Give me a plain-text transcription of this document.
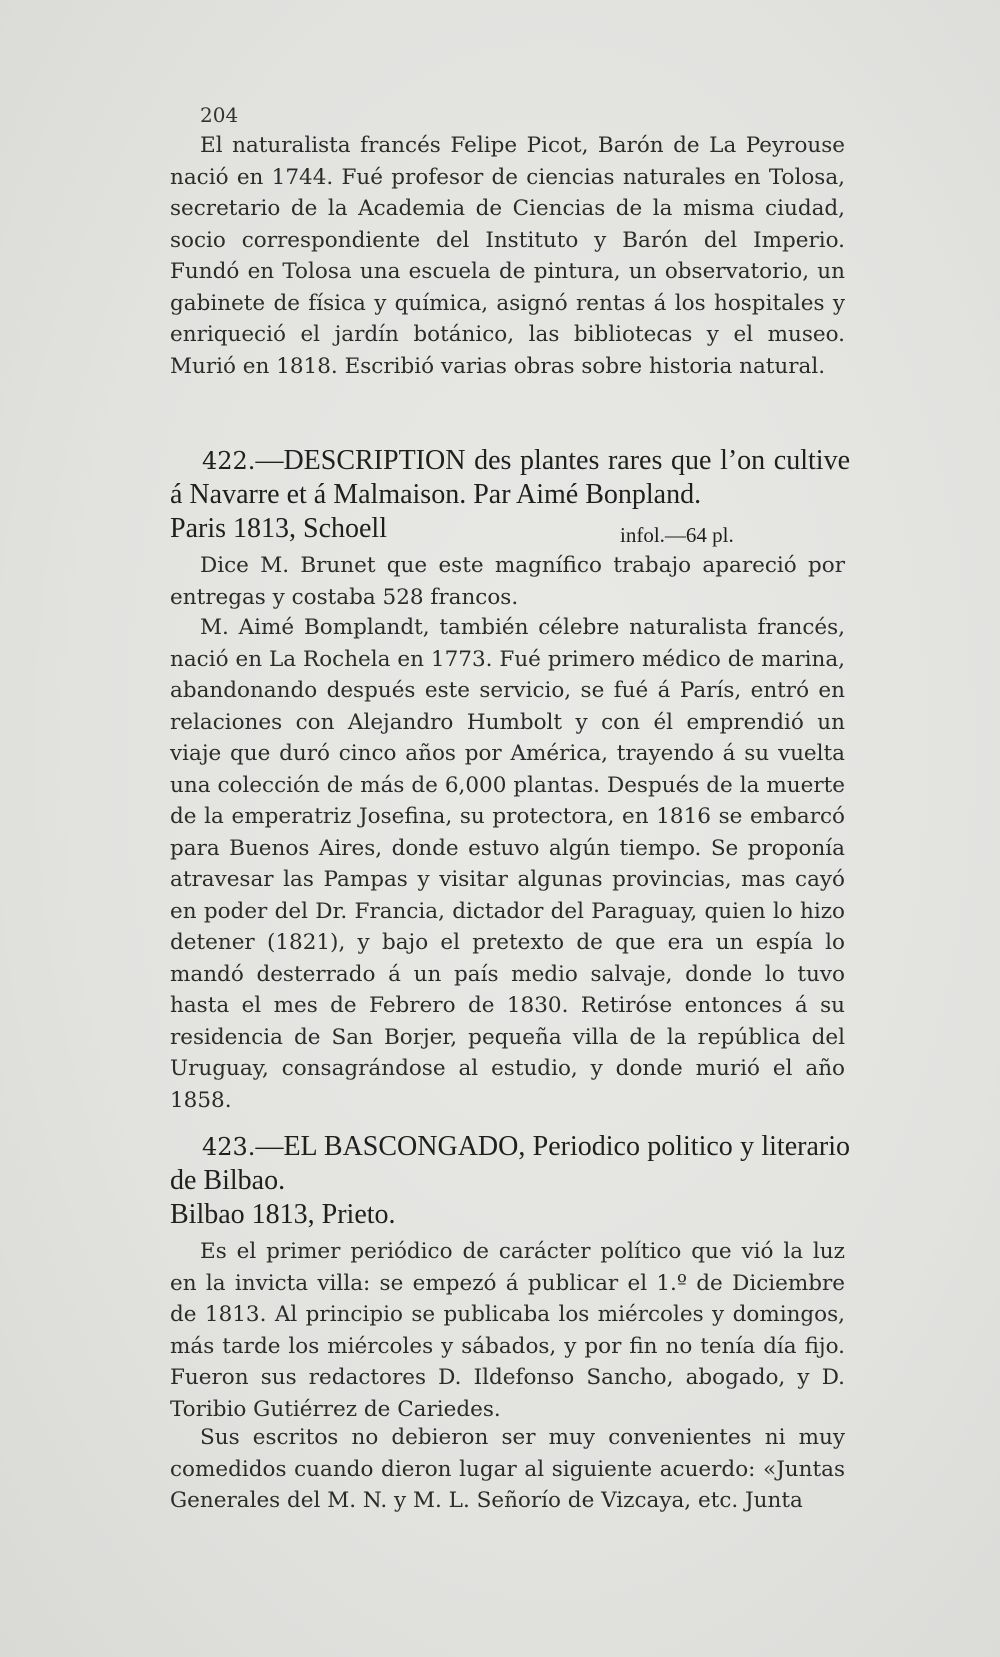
204

El naturalista francés Felipe Picot, Barón de La Peyrouse nació en 1744. Fué profesor de ciencias naturales en Tolosa, secretario de la Academia de Ciencias de la misma ciudad, socio correspondiente del Instituto y Barón del Imperio. Fundó en Tolosa una escuela de pintura, un observatorio, un gabinete de física y química, asignó rentas á los hospitales y enriqueció el jardín botánico, las bibliotecas y el museo. Murió en 1818. Escribió varias obras sobre historia natural.

422.—DESCRIPTION des plantes rares que l’on cultive á Navarre et á Malmaison. Par Aimé Bonpland.

Paris 1813, Schoell	infol.—64 pl.

Dice M. Brunet que este magnífico trabajo apareció por entregas y costaba 528 francos.

M. Aimé Bomplandt, también célebre naturalista francés, nació en La Rochela en 1773. Fué primero médico de marina, abandonando después este servicio, se fué á París, entró en relaciones con Alejandro Humbolt y con él emprendió un viaje que duró cinco años por América, trayendo á su vuelta una colección de más de 6,000 plantas. Después de la muerte de la emperatriz Josefina, su protectora, en 1816 se embarcó para Buenos Aires, donde estuvo algún tiempo. Se proponía atravesar las Pampas y visitar algunas provincias, mas cayó en poder del Dr. Francia, dictador del Paraguay, quien lo hizo detener (1821), y bajo el pretexto de que era un espía lo mandó desterrado á un país medio salvaje, donde lo tuvo hasta el mes de Febrero de 1830. Retiróse entonces á su residencia de San Borjer, pequeña villa de la república del Uruguay, consagrándose al estudio, y donde murió el año 1858.

423.—EL BASCONGADO, Periodico politico y literario de Bilbao.

Bilbao 1813, Prieto.

Es el primer periódico de carácter político que vió la luz en la invicta villa: se empezó á publicar el 1.º de Diciembre de 1813. Al principio se publicaba los miércoles y domingos, más tarde los miércoles y sábados, y por fin no tenía día fijo. Fueron sus redactores D. Ildefonso Sancho, abogado, y D. Toribio Gutiérrez de Cariedes.

Sus escritos no debieron ser muy convenientes ni muy comedidos cuando dieron lugar al siguiente acuerdo: «Juntas Generales del M. N. y M. L. Señorío de Vizcaya, etc. Junta
